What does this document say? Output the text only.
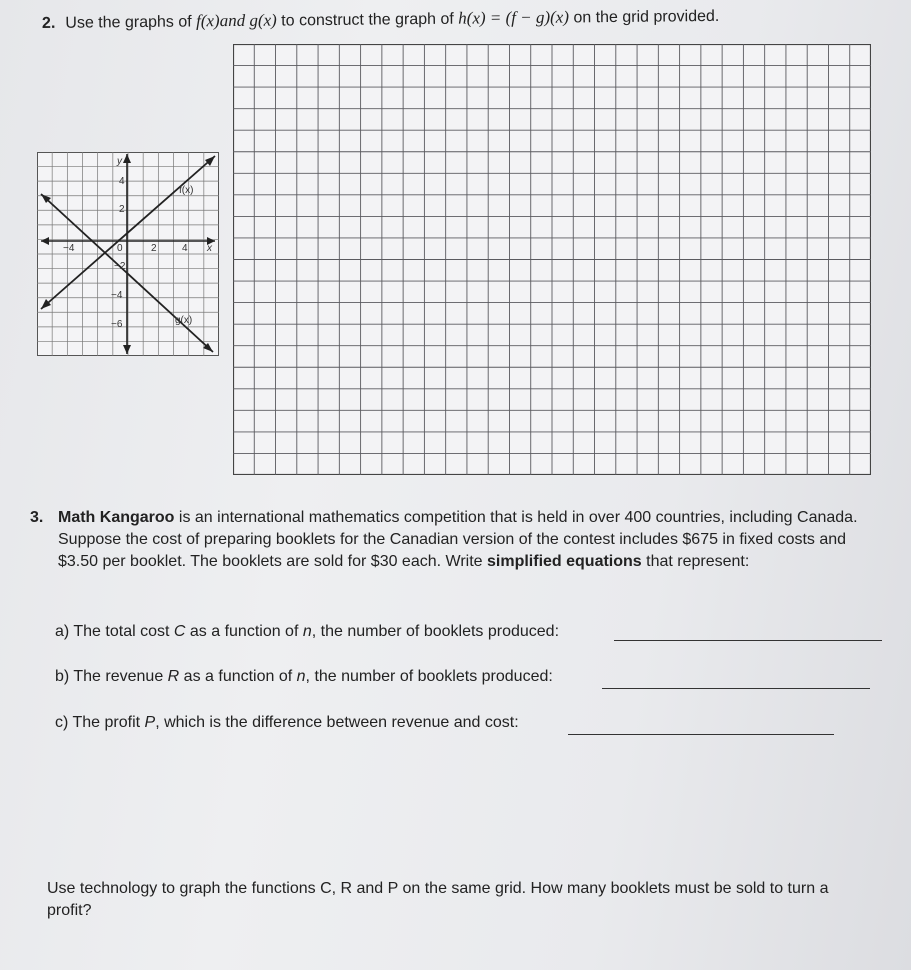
2. Use the graphs of f(x)and g(x) to construct the graph of h(x) = (f − g)(x) on the grid provided.
y
x
f(x)
g(x)
−4	0	2	4
4
2
−2
−4
−6
3. Math Kangaroo is an international mathematics competition that is held in over 400 countries, including Canada. Suppose the cost of preparing booklets for the Canadian version of the contest includes $675 in fixed costs and $3.50 per booklet. The booklets are sold for $30 each. Write simplified equations that represent:
a) The total cost C as a function of n, the number of booklets produced:
b) The revenue R as a function of n, the number of booklets produced:
c) The profit P, which is the difference between revenue and cost:
Use technology to graph the functions C, R and P on the same grid. How many booklets must be sold to turn a profit?
